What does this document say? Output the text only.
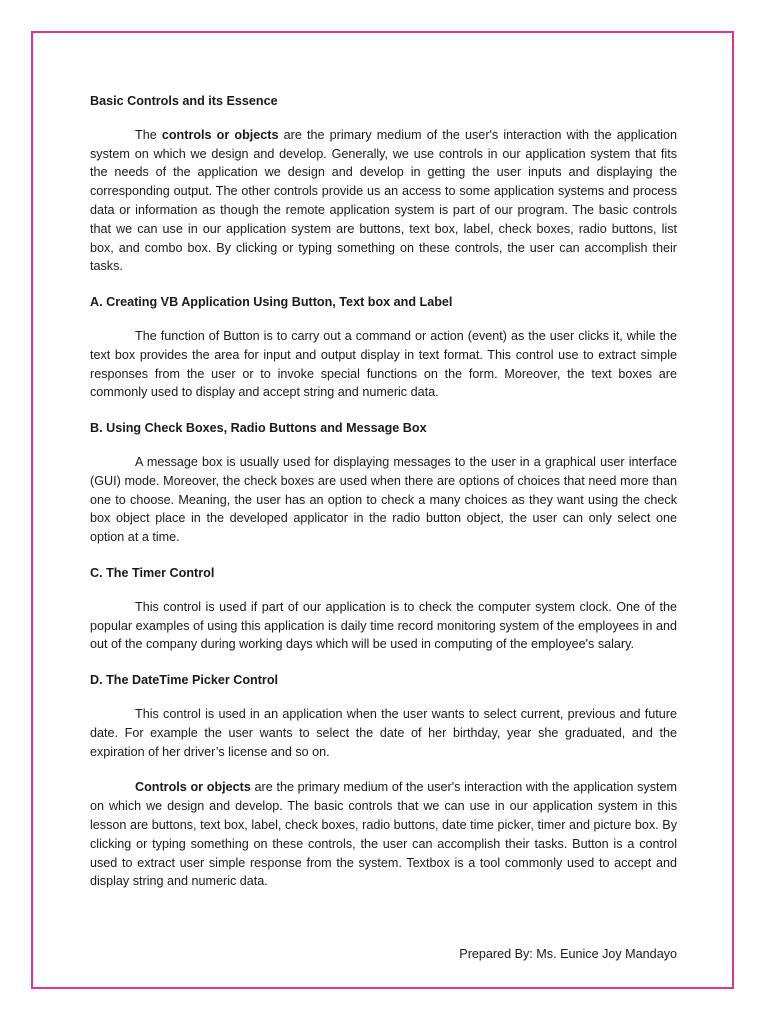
Basic Controls and its Essence

The controls or objects are the primary medium of the user's interaction with the application system on which we design and develop. Generally, we use controls in our application system that fits the needs of the application we design and develop in getting the user inputs and displaying the corresponding output. The other controls provide us an access to some application systems and process data or information as though the remote application system is part of our program. The basic controls that we can use in our application system are buttons, text box, label, check boxes, radio buttons, list box, and combo box. By clicking or typing something on these controls, the user can accomplish their tasks.

A. Creating VB Application Using Button, Text box and Label

The function of Button is to carry out a command or action (event) as the user clicks it, while the text box provides the area for input and output display in text format. This control use to extract simple responses from the user or to invoke special functions on the form. Moreover, the text boxes are commonly used to display and accept string and numeric data.

B. Using Check Boxes, Radio Buttons and Message Box

A message box is usually used for displaying messages to the user in a graphical user interface (GUI) mode. Moreover, the check boxes are used when there are options of choices that need more than one to choose. Meaning, the user has an option to check a many choices as they want using the check box object place in the developed applicator in the radio button object, the user can only select one option at a time.

C. The Timer Control

This control is used if part of our application is to check the computer system clock. One of the popular examples of using this application is daily time record monitoring system of the employees in and out of the company during working days which will be used in computing of the employee's salary.

D. The DateTime Picker Control

This control is used in an application when the user wants to select current, previous and future date. For example the user wants to select the date of her birthday, year she graduated, and the expiration of her driver’s license and so on.

Controls or objects are the primary medium of the user's interaction with the application system on which we design and develop. The basic controls that we can use in our application system in this lesson are buttons, text box, label, check boxes, radio buttons, date time picker, timer and picture box. By clicking or typing something on these controls, the user can accomplish their tasks. Button is a control used to extract user simple response from the system. Textbox is a tool commonly used to accept and display string and numeric data.

Prepared By: Ms. Eunice Joy Mandayo
